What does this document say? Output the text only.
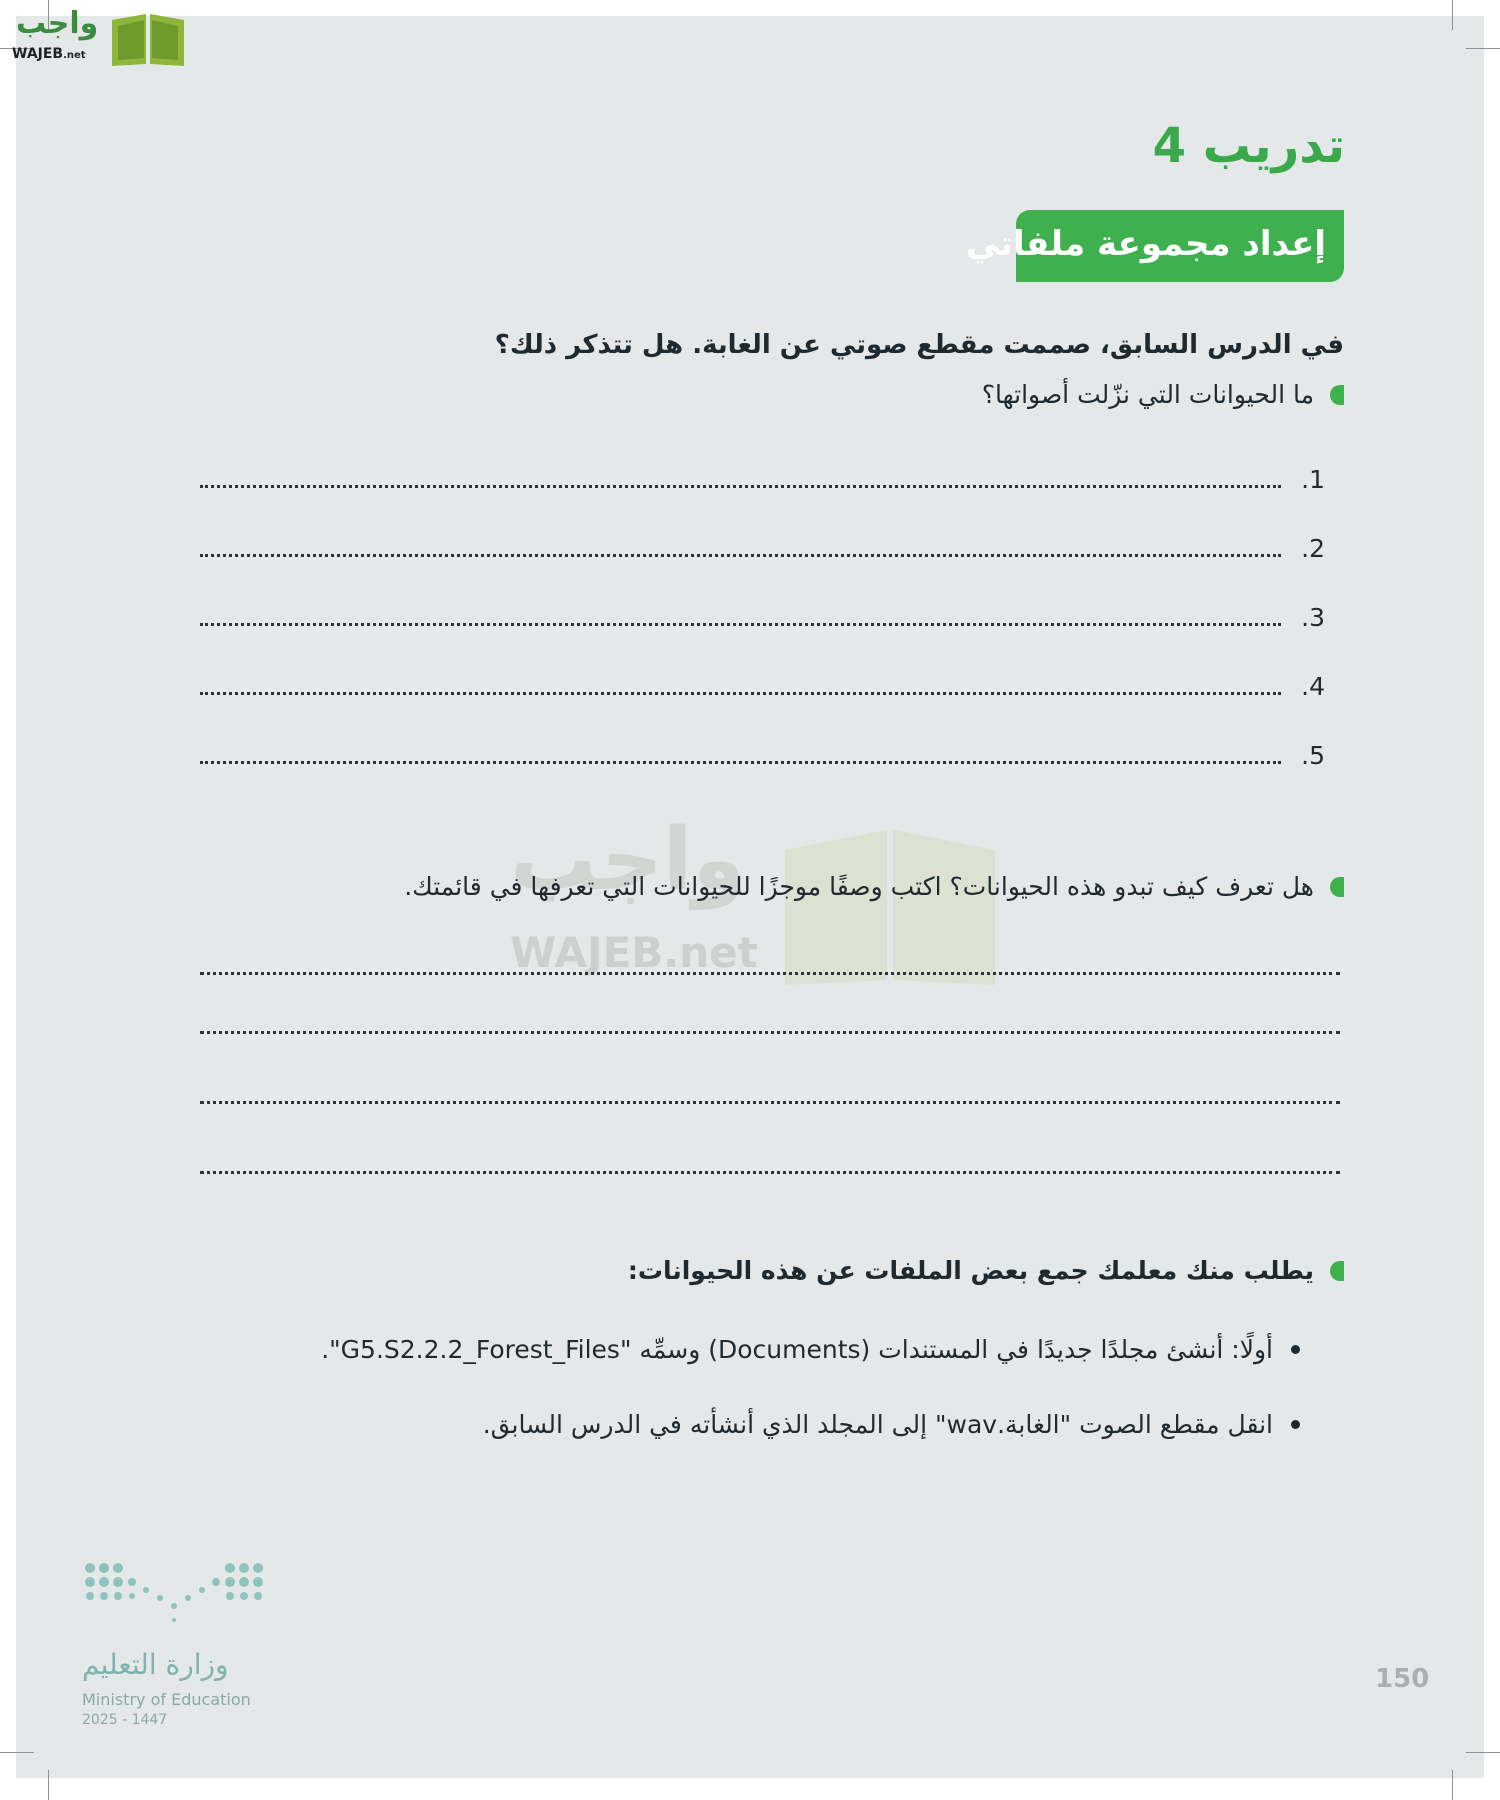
واجب
WAJEB.net
واجب
WAJEB.net
تدريب 4
إعداد مجموعة ملفاتي
في الدرس السابق، صممت مقطع صوتي عن الغابة. هل تتذكر ذلك؟
ما الحيوانات التي نزّلت أصواتها؟
1.
2.
3.
4.
5.
هل تعرف كيف تبدو هذه الحيوانات؟ اكتب وصفًا موجزًا للحيوانات التي تعرفها في قائمتك.
يطلب منك معلمك جمع بعض الملفات عن هذه الحيوانات:
أولًا: أنشئ مجلدًا جديدًا في المستندات (Documents) وسمِّه "G5.S2.2.2_Forest_Files".
انقل مقطع الصوت "الغابة.wav" إلى المجلد الذي أنشأته في الدرس السابق.
وزارة التعليم
Ministry of Education
2025 - 1447
150
